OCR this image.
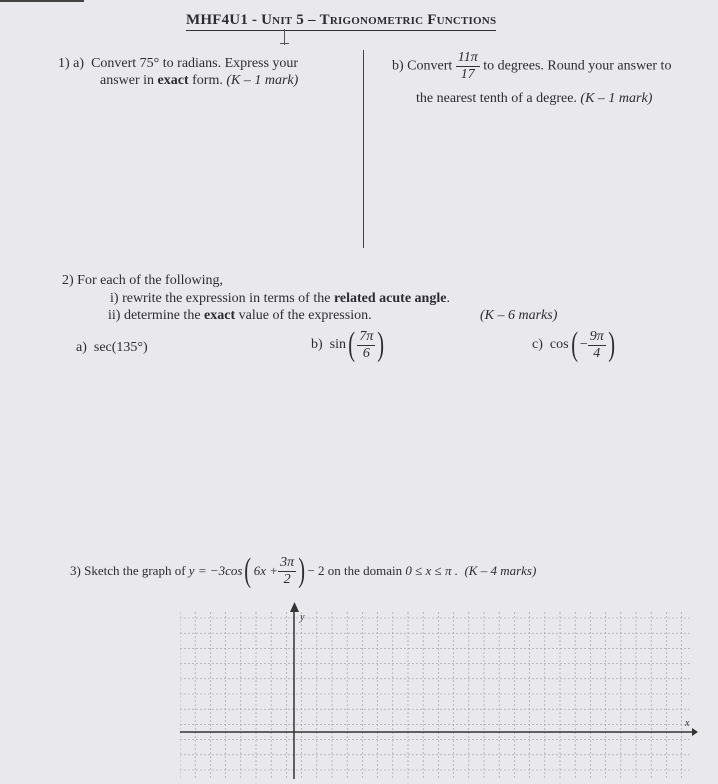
MHF4U1 - Unit 5 – Trigonometric Functions
1) a) Convert 75° to radians. Express your
answer in exact form. (K – 1 mark)
b) Convert $\frac{11\pi}{17}$ to degrees. Round your answer to
the nearest tenth of a degree. (K – 1 mark)
2) For each of the following,
i) rewrite the expression in terms of the related acute angle.
ii) determine the exact value of the expression.	(K – 6 marks)
a) sec(135°)	b) $\sin( \frac{7\pi}{6}$ )	c) $\cos( - \frac{9\pi}{4}$ )
3) Sketch the graph of y = −3cos( $6x + \frac{3\pi}{2}$ ) − 2 on the domain 0 ≤ x ≤ π . (K – 4 marks)
y
x
